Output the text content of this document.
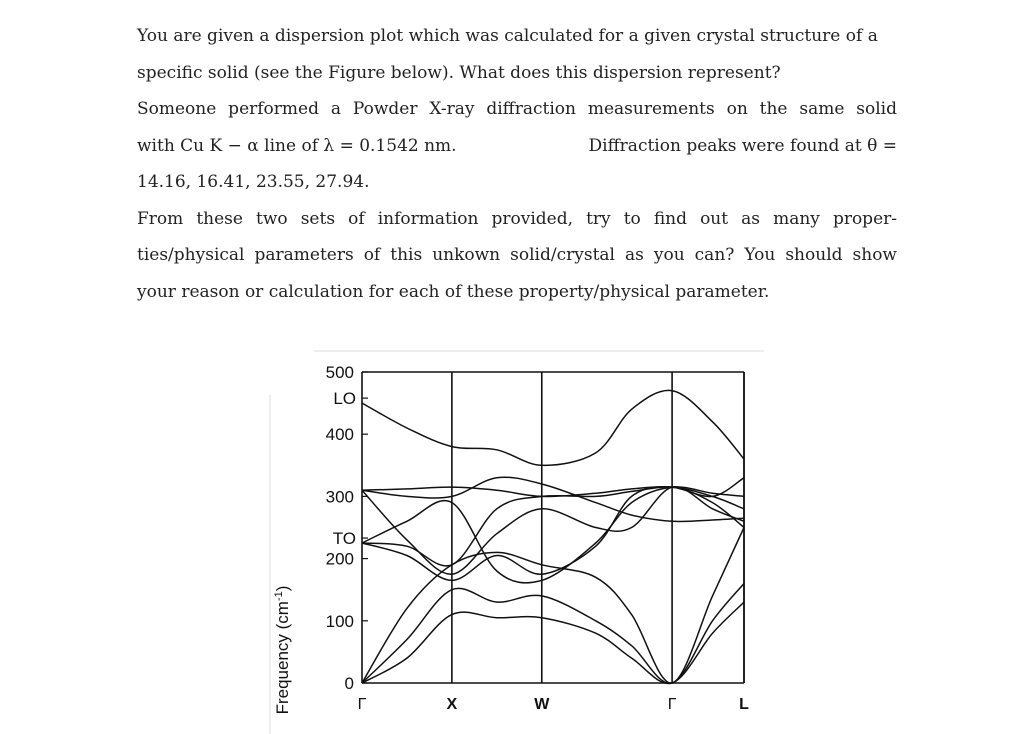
You are given a dispersion plot which was calculated for a given crystal structure of a

specific solid (see the Figure below). What does this dispersion represent?

Someone performed a Powder X-ray diffraction measurements on the same solid

with Cu K − α line of λ = 0.1542 nm.	Diffraction peaks were found at θ =

14.16, 16.41, 23.55, 27.94.

From these two sets of information provided, try to find out as many proper-

ties/physical parameters of this unkown solid/crystal as you can? You should show

your reason or calculation for each of these property/physical parameter.

Frequency $(cm^{-1})$
Γ	X	W	Γ	L
500
400
300
200
100
0
LO
TO
